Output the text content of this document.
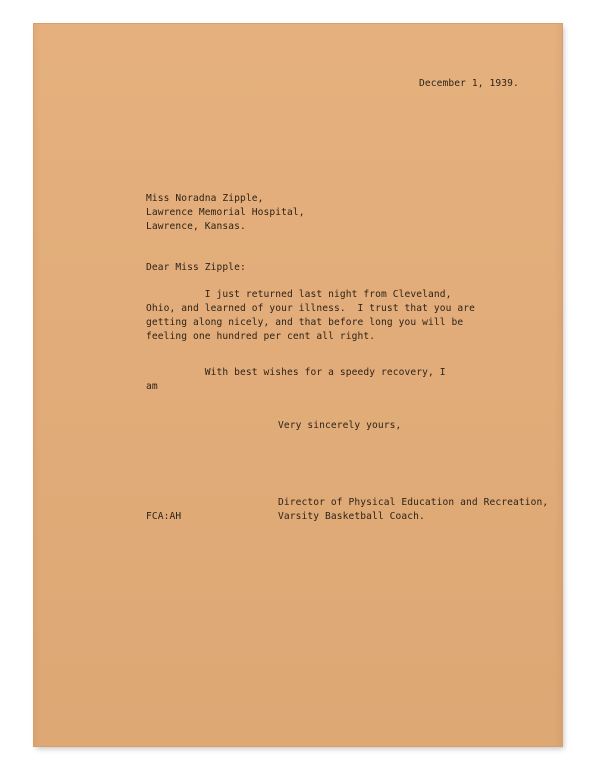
December 1, 1939.
Miss Noradna Zipple,
Lawrence Memorial Hospital,
Lawrence, Kansas.
Dear Miss Zipple:
I just returned last night from Cleveland,
Ohio, and learned of your illness.  I trust that you are
getting along nicely, and that before long you will be
feeling one hundred per cent all right.
With best wishes for a speedy recovery, I
am
Very sincerely yours,
Director of Physical Education and Recreation,
Varsity Basketball Coach.
FCA:AH
